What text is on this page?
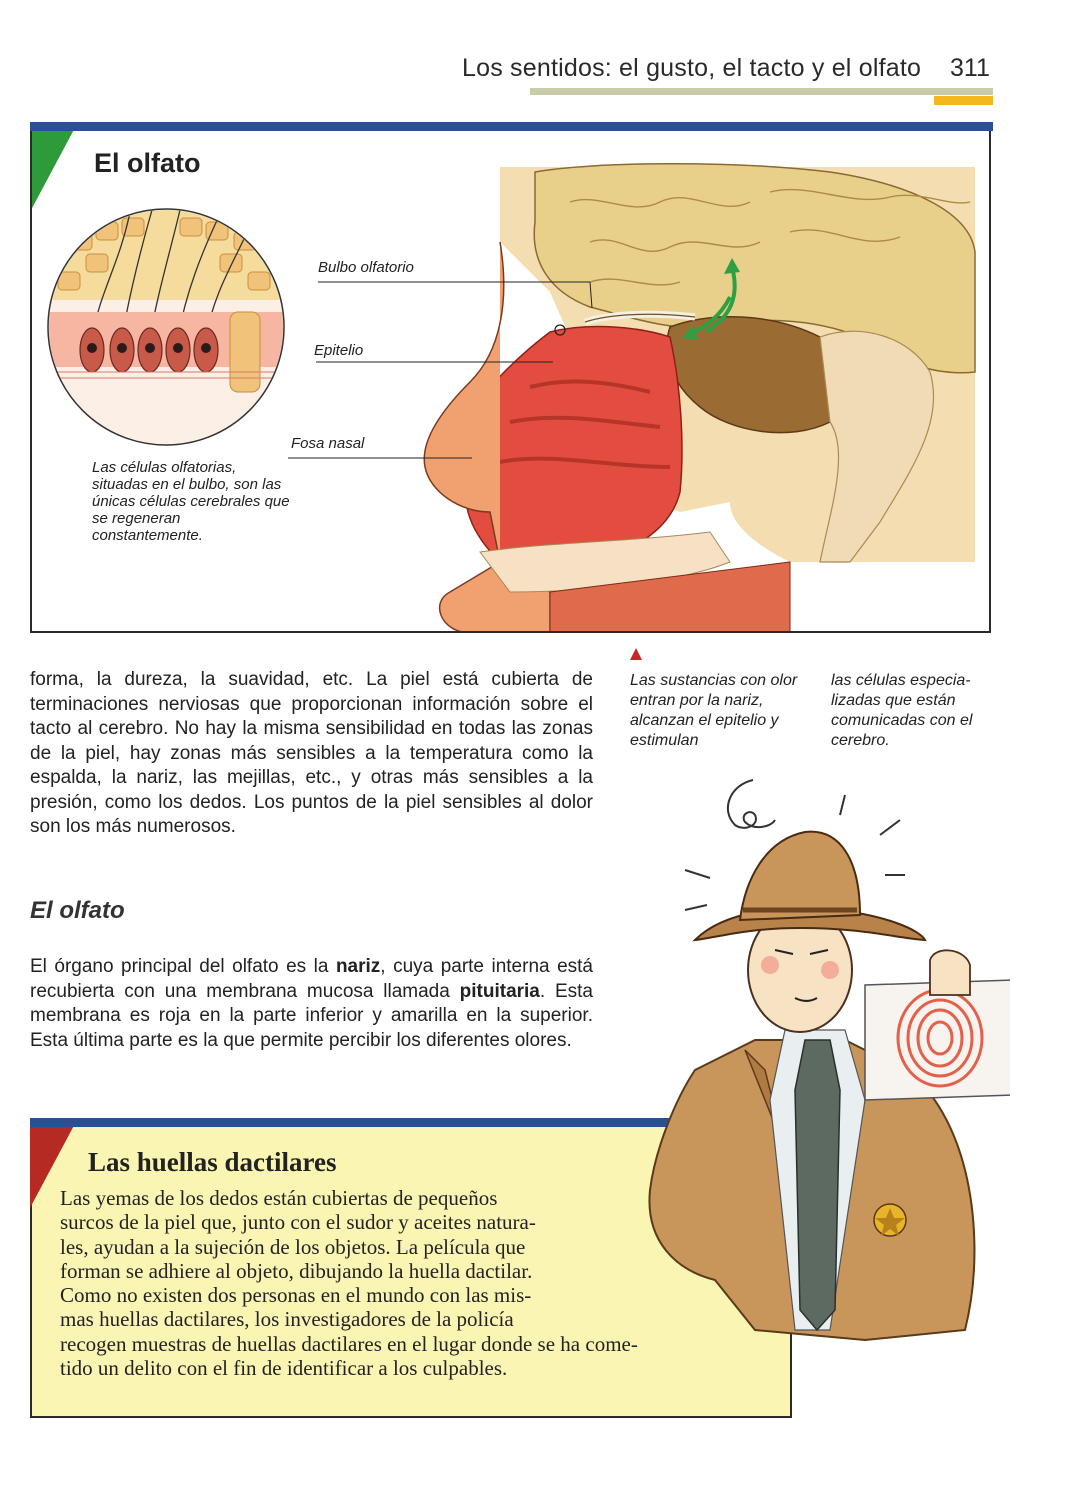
Los sentidos: el gusto, el tacto y el olfato	311
El olfato
Bulbo olfatorio
Epitelio
Fosa nasal
Las células olfatorias, situadas en el bulbo, son las únicas células cerebrales que se regeneran constantemente.
Las sustancias con olor entran por la nariz, alcanzan el epitelio y estimulan
las células especia-lizadas que están comunicadas con el cerebro.
forma, la dureza, la suavidad, etc. La piel está cubierta de terminaciones nerviosas que proporcionan información sobre el tacto al cerebro. No hay la misma sensibilidad en todas las zonas de la piel, hay zonas más sensibles a la temperatura como la espalda, la nariz, las mejillas, etc., y otras más sensibles a la presión, como los dedos. Los puntos de la piel sensibles al dolor son los más numerosos.
El olfato
El órgano principal del olfato es la nariz, cuya parte interna está recubierta con una membrana mucosa llamada pituitaria. Esta membrana es roja en la parte inferior y amarilla en la superior. Esta última parte es la que permite percibir los diferentes olores.
Las huellas dactilares
Las yemas de los dedos están cubiertas de pequeños
surcos de la piel que, junto con el sudor y aceites natura-
les, ayudan a la sujeción de los objetos. La película que
forman se adhiere al objeto, dibujando la huella dactilar.
Como no existen dos personas en el mundo con las mis-
mas huellas dactilares, los investigadores de la policía
recogen muestras de huellas dactilares en el lugar donde se ha come-
tido un delito con el fin de identificar a los culpables.
